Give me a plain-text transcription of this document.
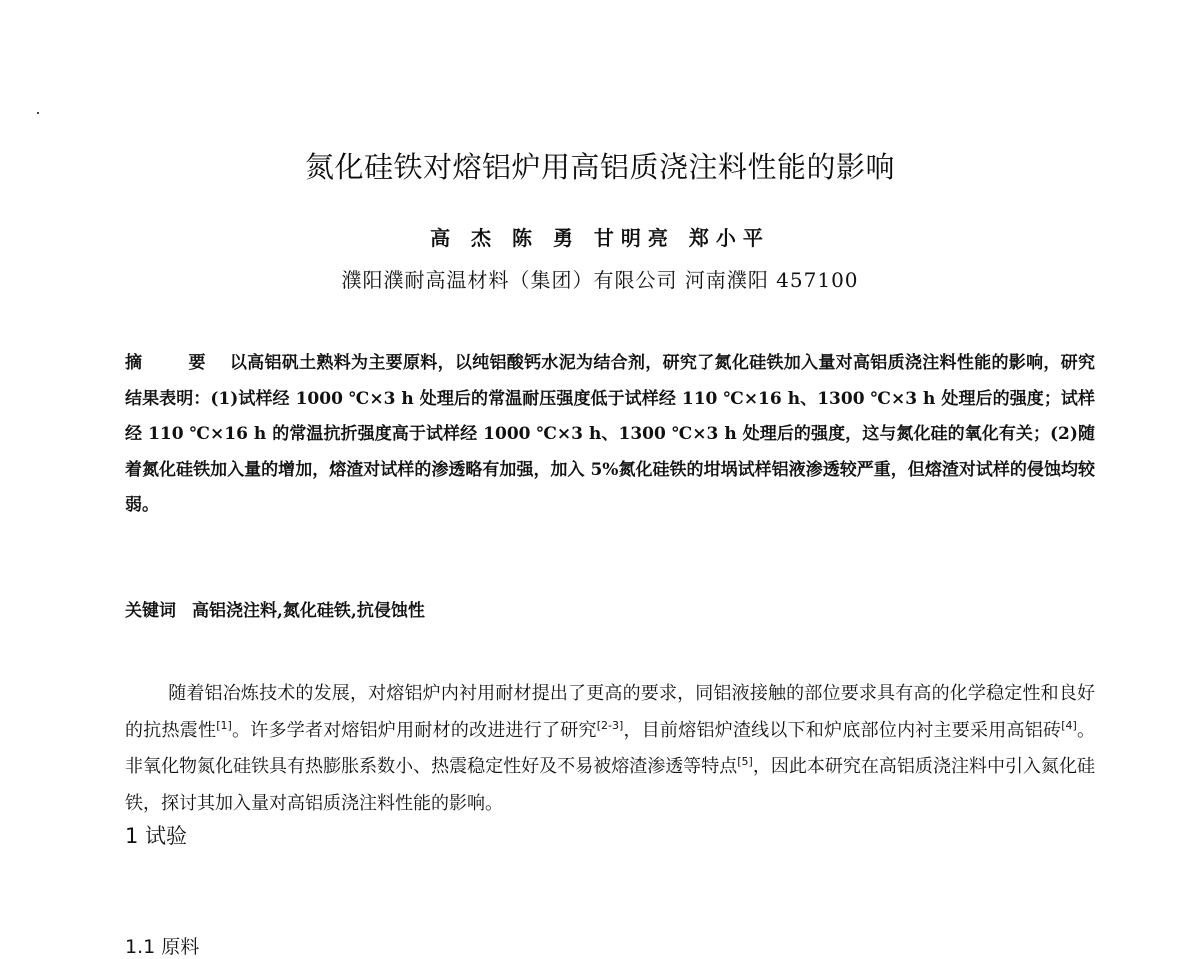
氮化硅铁对熔铝炉用高铝质浇注料性能的影响
高 杰 陈 勇 甘明亮 郑小平
濮阳濮耐高温材料（集团）有限公司 河南濮阳 457100
摘 要 以高铝矾土熟料为主要原料，以纯铝酸钙水泥为结合剂，研究了氮化硅铁加入量对高铝质浇注料性能的影响，研究结果表明：(1)试样经 1000 ℃×3 h 处理后的常温耐压强度低于试样经 110 ℃×16 h、1300 ℃×3 h 处理后的强度；试样经 110 ℃×16 h 的常温抗折强度高于试样经 1000 ℃×3 h、1300 ℃×3 h 处理后的强度，这与氮化硅的氧化有关；(2)随着氮化硅铁加入量的增加，熔渣对试样的渗透略有加强，加入 5%氮化硅铁的坩埚试样铝液渗透较严重，但熔渣对试样的侵蚀均较弱。
关键词 高铝浇注料,氮化硅铁,抗侵蚀性
随着铝冶炼技术的发展，对熔铝炉内衬用耐材提出了更高的要求，同铝液接触的部位要求具有高的化学稳定性和良好的抗热震性[1]。许多学者对熔铝炉用耐材的改进进行了研究[2-3]，目前熔铝炉渣线以下和炉底部位内衬主要采用高铝砖[4]。非氧化物氮化硅铁具有热膨胀系数小、热震稳定性好及不易被熔渣渗透等特点[5]，因此本研究在高铝质浇注料中引入氮化硅铁，探讨其加入量对高铝质浇注料性能的影响。
1 试验
1.1 原料
